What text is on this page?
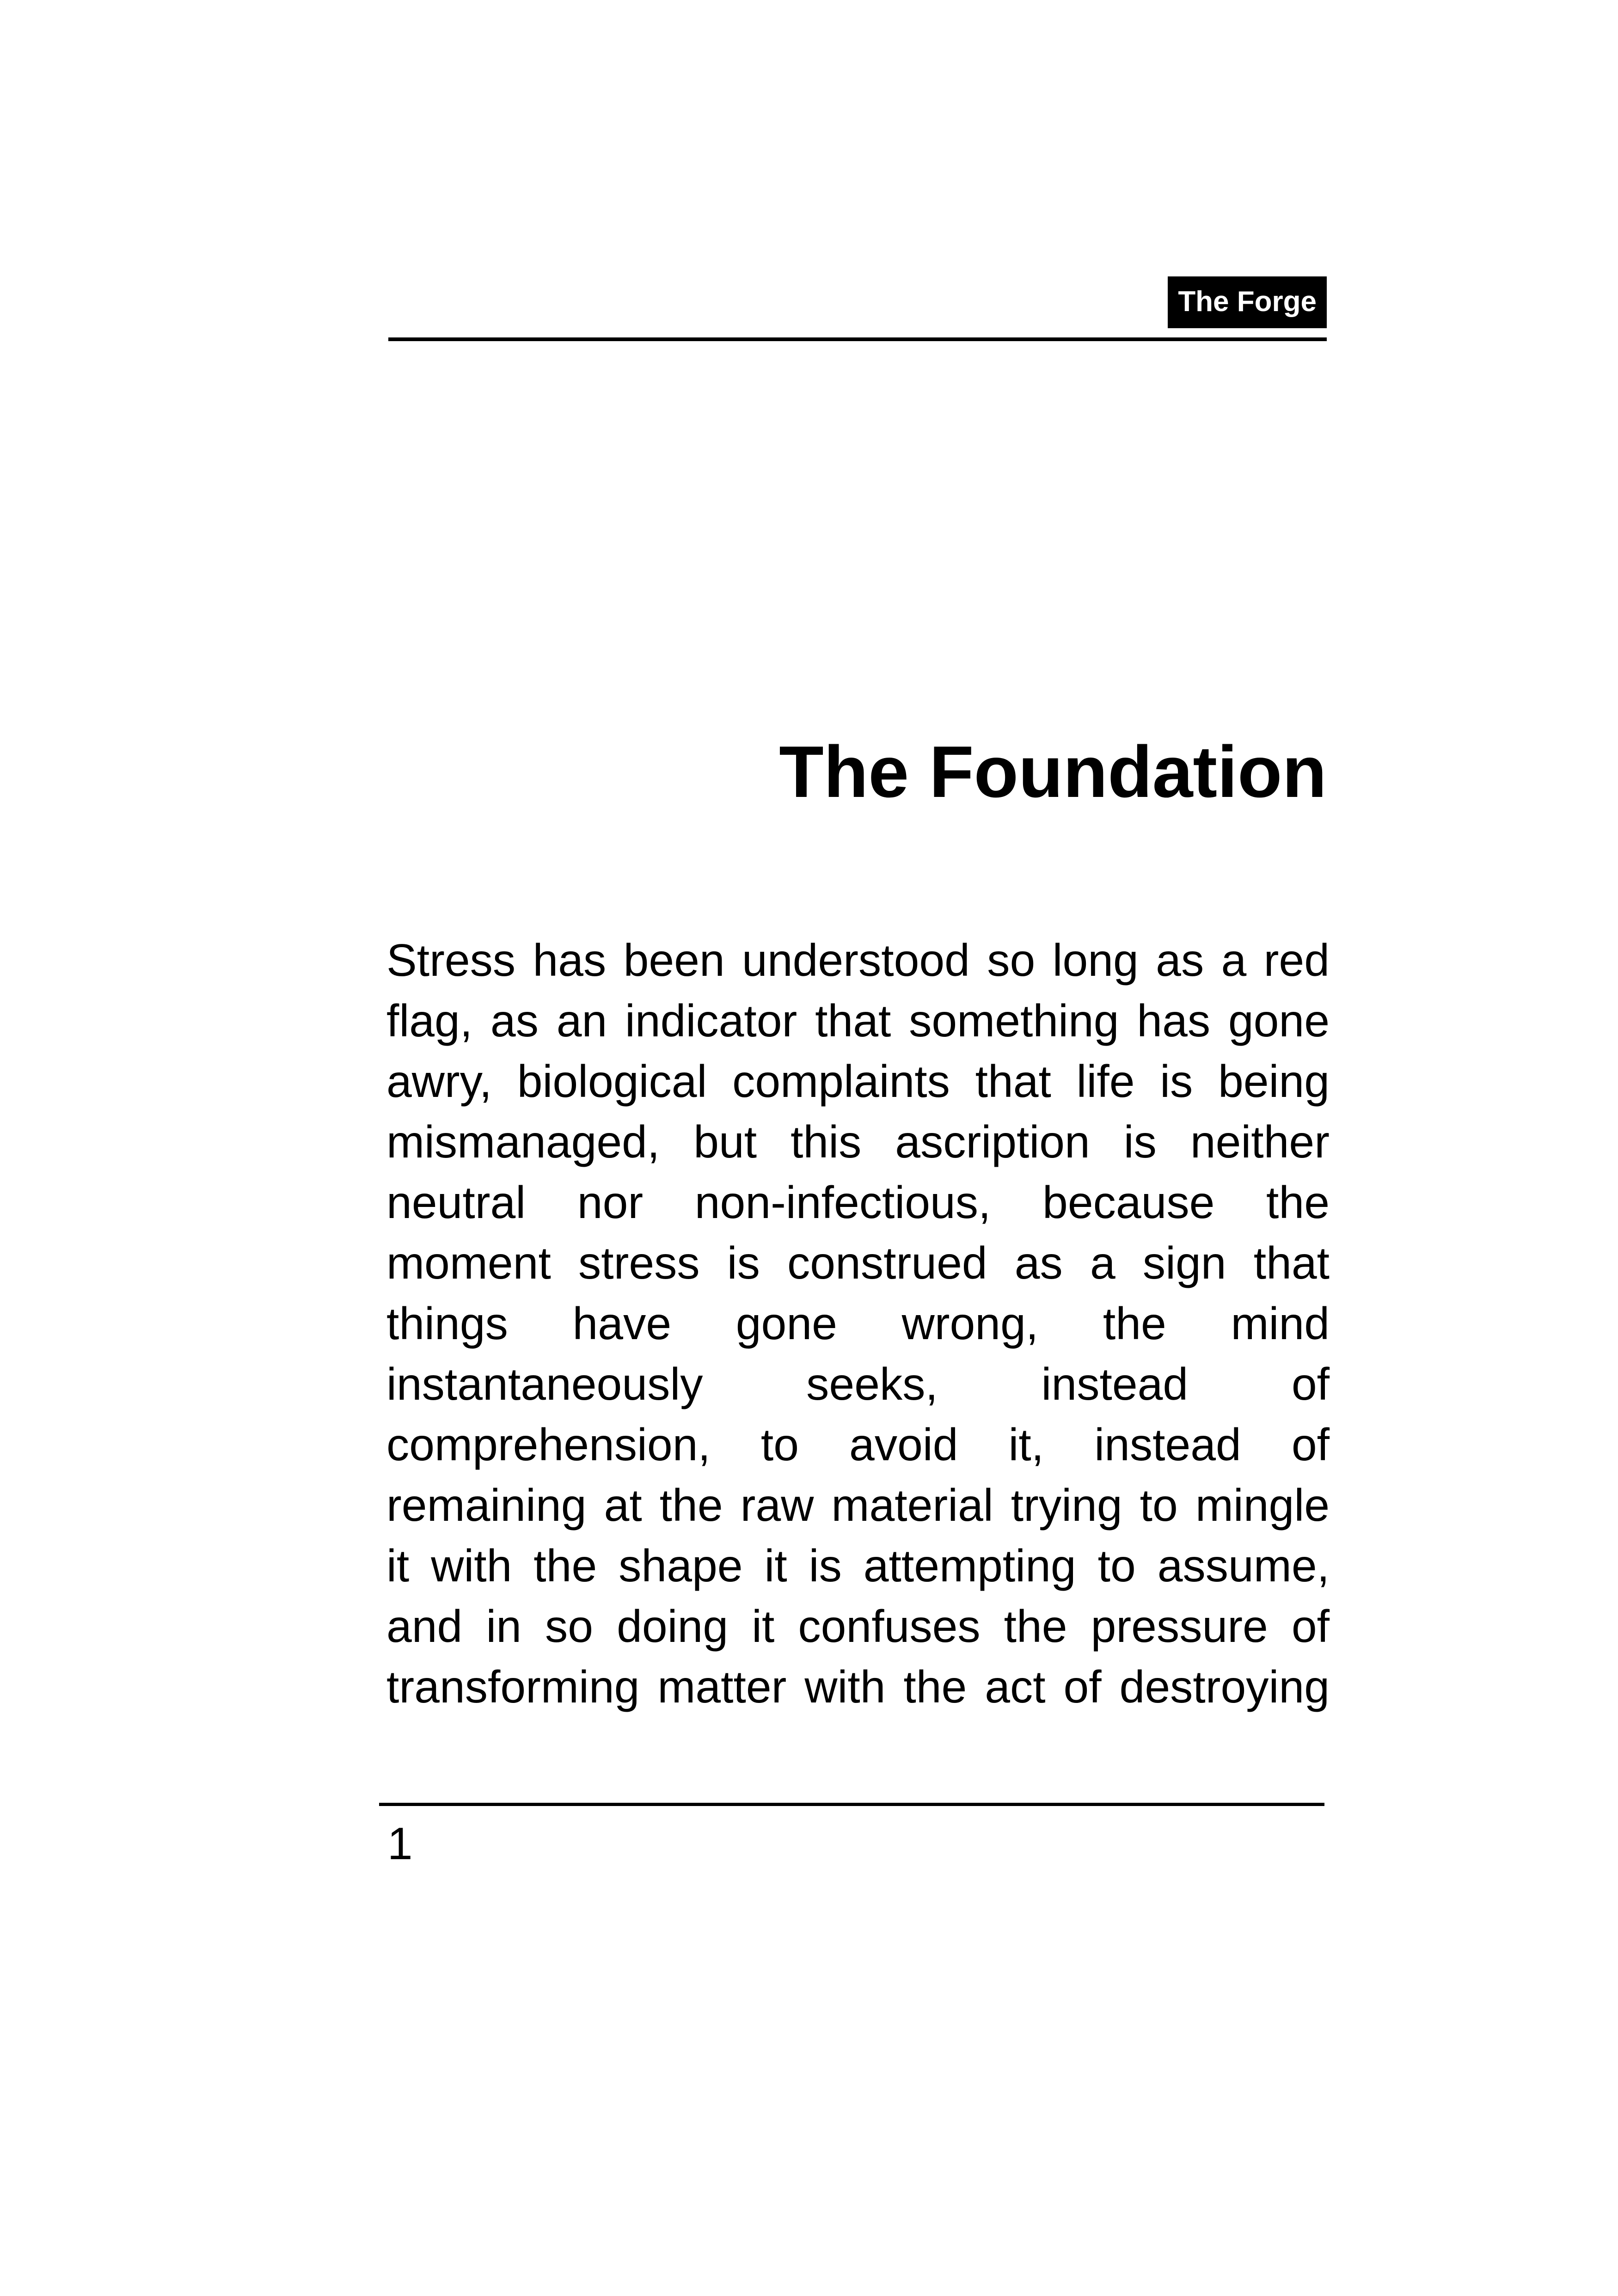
The Forge
The Foundation

Stress has been understood so long as a red flag, as an indicator that something has gone awry, biological complaints that life is being mismanaged, but this ascription is neither neutral nor non-infectious, because the moment stress is construed as a sign that things have gone wrong, the mind instantaneously seeks, instead of comprehension, to avoid it, instead of remaining at the raw material trying to mingle it with the shape it is attempting to assume, and in so doing it confuses the pressure of transforming matter with the act of destroying

1
